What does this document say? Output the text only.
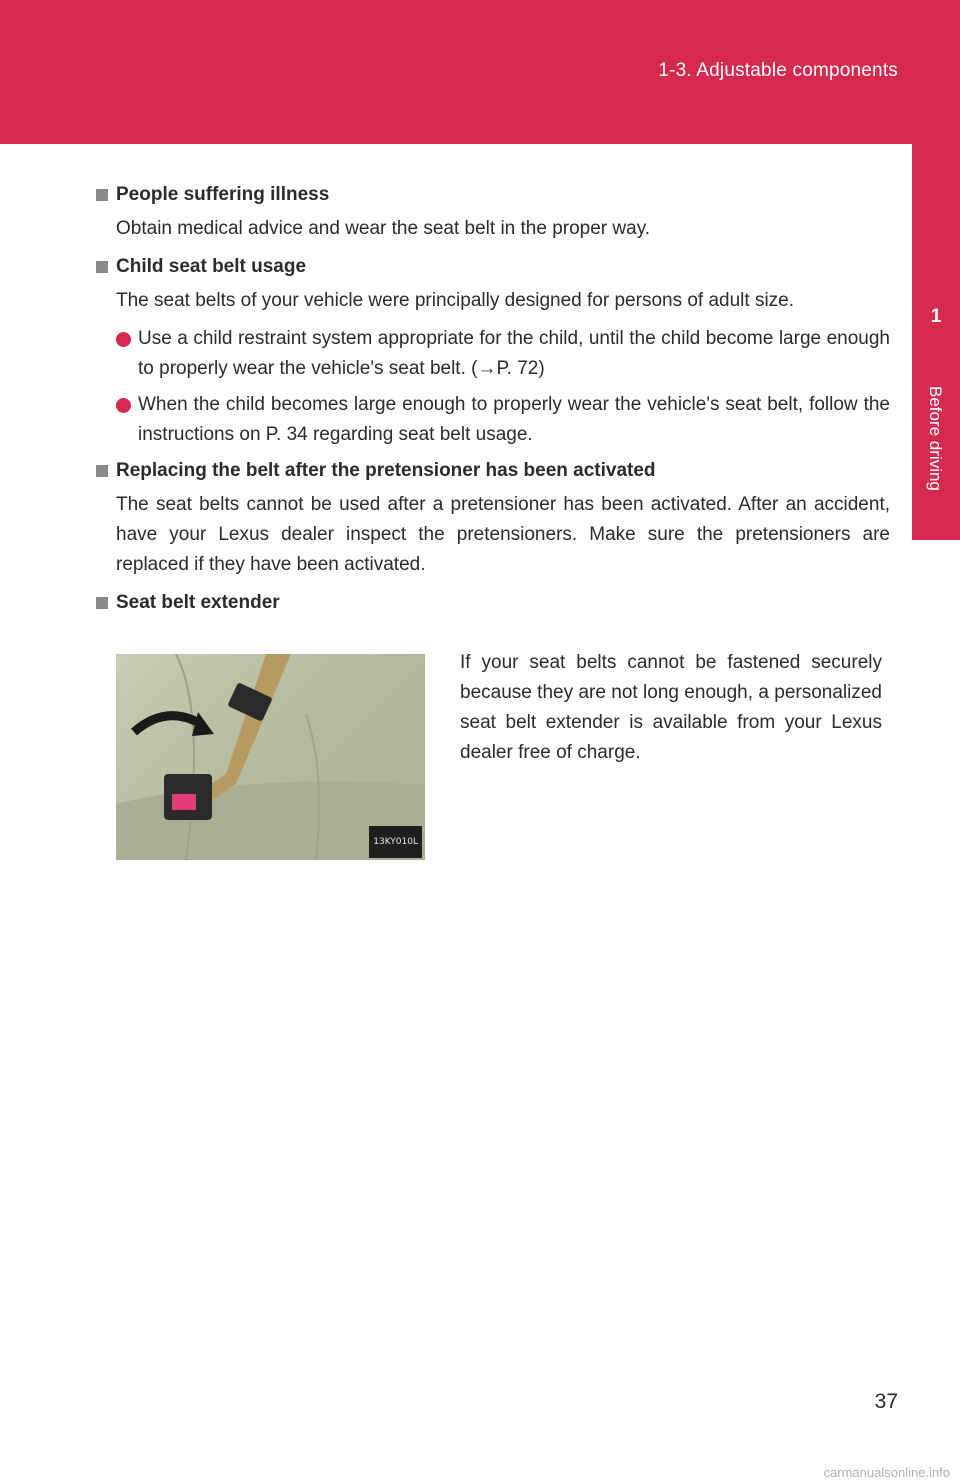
1-3. Adjustable components
1
Before driving
People suffering illness
Obtain medical advice and wear the seat belt in the proper way.
Child seat belt usage
The seat belts of your vehicle were principally designed for persons of adult size.
Use a child restraint system appropriate for the child, until the child become large enough to properly wear the vehicle's seat belt. (→P. 72)
When the child becomes large enough to properly wear the vehicle's seat belt, follow the instructions on P. 34 regarding seat belt usage.
Replacing the belt after the pretensioner has been activated
The seat belts cannot be used after a pretensioner has been activated. After an accident, have your Lexus dealer inspect the pretensioners. Make sure the pretensioners are replaced if they have been activated.
Seat belt extender
13KY010L
If your seat belts cannot be fastened securely because they are not long enough, a personalized seat belt extender is available from your Lexus dealer free of charge.
37
carmanualsonline.info
